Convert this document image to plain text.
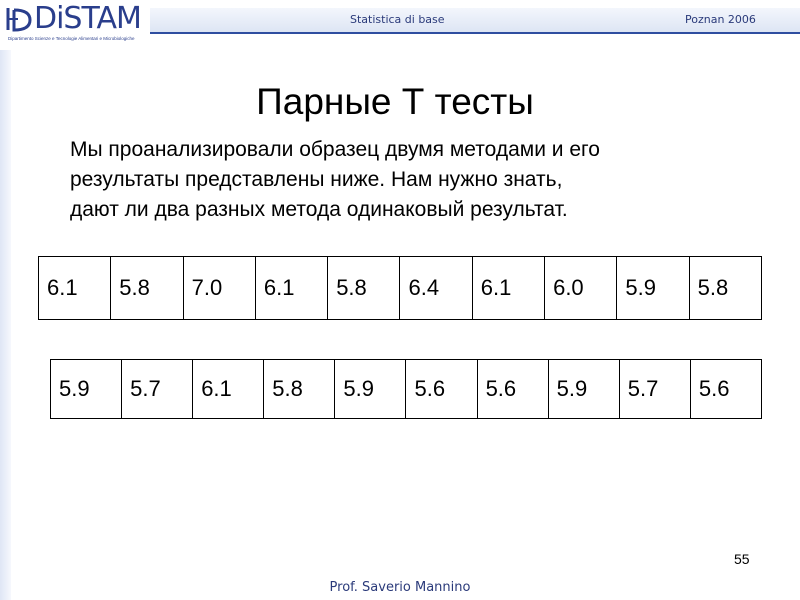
DiSTAM
Dipartimento Scienze e Tecnologie Alimentari e Microbiologiche
Statistica di base	Poznan 2006
Парные Т тесты
Мы проанализировали образец двумя методами и его
результаты представлены ниже. Нам нужно знать,
дают ли два разных метода одинаковый результат.
6.1	5.8	7.0	6.1	5.8	6.4	6.1	6.0	5.9	5.8
5.9	5.7	6.1	5.8	5.9	5.6	5.6	5.9	5.7	5.6
55
Prof. Saverio Mannino
